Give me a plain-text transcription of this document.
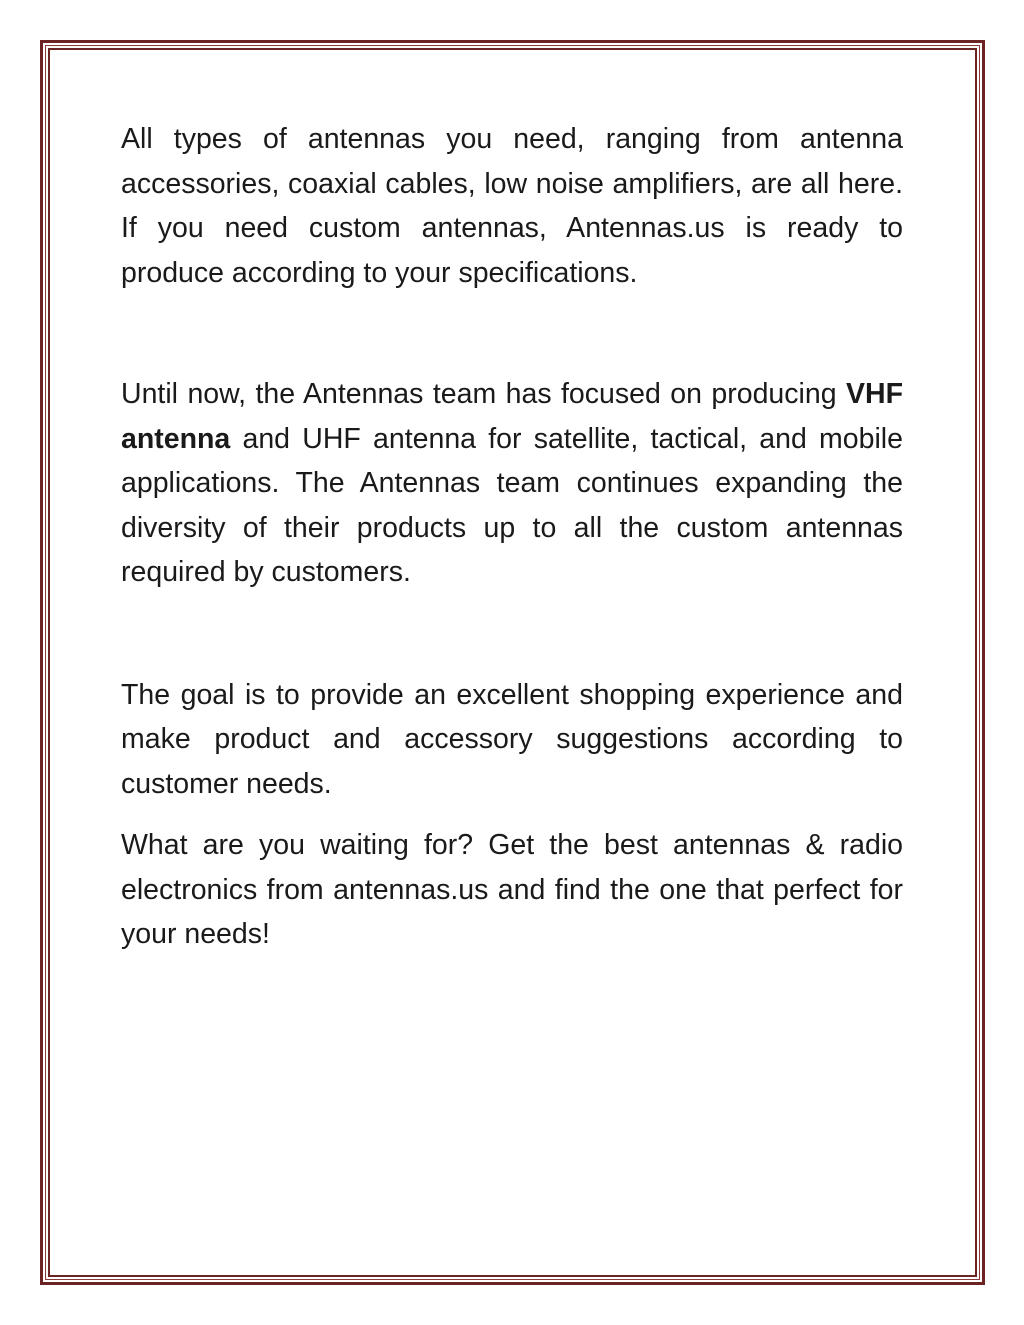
All types of antennas you need, ranging from antenna accessories, coaxial cables, low noise amplifiers, are all here. If you need custom antennas, Antennas.us is ready to produce according to your specifications.

Until now, the Antennas team has focused on producing VHF antenna and UHF antenna for satellite, tactical, and mobile applications. The Antennas team continues expanding the diversity of their products up to all the custom antennas required by customers.

The goal is to provide an excellent shopping experience and make product and accessory suggestions according to customer needs.

What are you waiting for? Get the best antennas & radio electronics from antennas.us and find the one that perfect for your needs!
